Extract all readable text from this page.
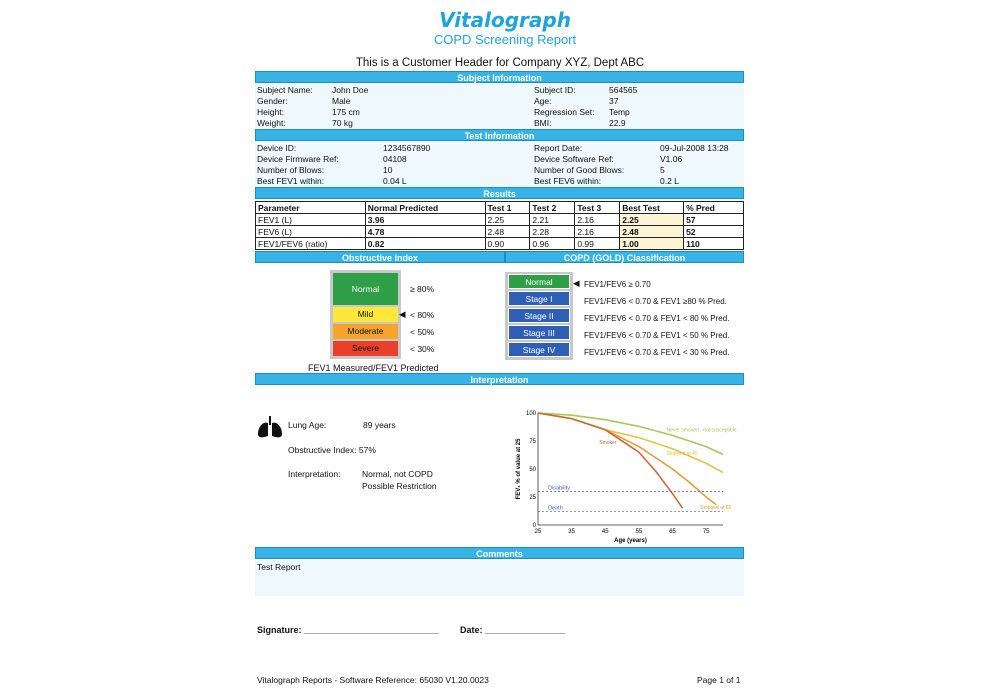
Vitalograph
COPD Screening Report
This is a Customer Header for Company XYZ, Dept ABC
Subject Information
Subject Name: John Doe
Gender:	Male
Height:	175 cm
Weight:	70 kg
Subject ID:	564565
Age:	37
Regression Set: Temp
BMI:	22.9
Test Information
Device ID:	1234567890
Device Firmware Ref:	04108
Number of Blows:	10
Best FEV1 within:	0.04 L
Report Date:	09-Jul-2008 13:28
Device Software Ref:	V1.06
Number of Good Blows:	5
Best FEV6 within:	0.2 L
Results
Parameter	Normal Predicted	Test 1	Test 2	Test 3	Best Test	% Pred
FEV1 (L)	3.96	2.25	2.21	2.16	2.25	57
FEV6 (L)	4.78	2.48	2.28	2.16	2.48	52
FEV1/FEV6 (ratio)	0.82	0.90	0.96	0.99	1.00	110
Obstructive Index	COPD (GOLD) Classification
Normal
Mild
Moderate
Severe
≥ 80%
◀ < 80%
< 50%
< 30%
FEV1 Measured/FEV1 Predicted
Normal
Stage I
Stage II
Stage III
Stage IV
◀ FEV1/FEV6 ≥ 0.70
FEV1/FEV6 < 0.70 & FEV1 ≥80 % Pred.
FEV1/FEV6 < 0.70 & FEV1 < 80 % Pred.
FEV1/FEV6 < 0.70 & FEV1 < 50 % Pred.
FEV1/FEV6 < 0.70 & FEV1 < 30 % Pred.
Interpretation
Lung Age:	89 years
Obstructive Index: 57%
Interpretation:	Normal, not COPD
Possible Restriction
25	35	45	55	65	75
0
25
50
75
100
Age (years)
FEV₁ % of value at 25
Never smoked - not susceptible
Stopped at 45
Stopped at 65
Smoker
Disability
Death
Comments
Test Report
Signature: ___________________________ Date: ________________
Vitalograph Reports - Software Reference: 65030 V1.20.0023	Page 1 of 1
